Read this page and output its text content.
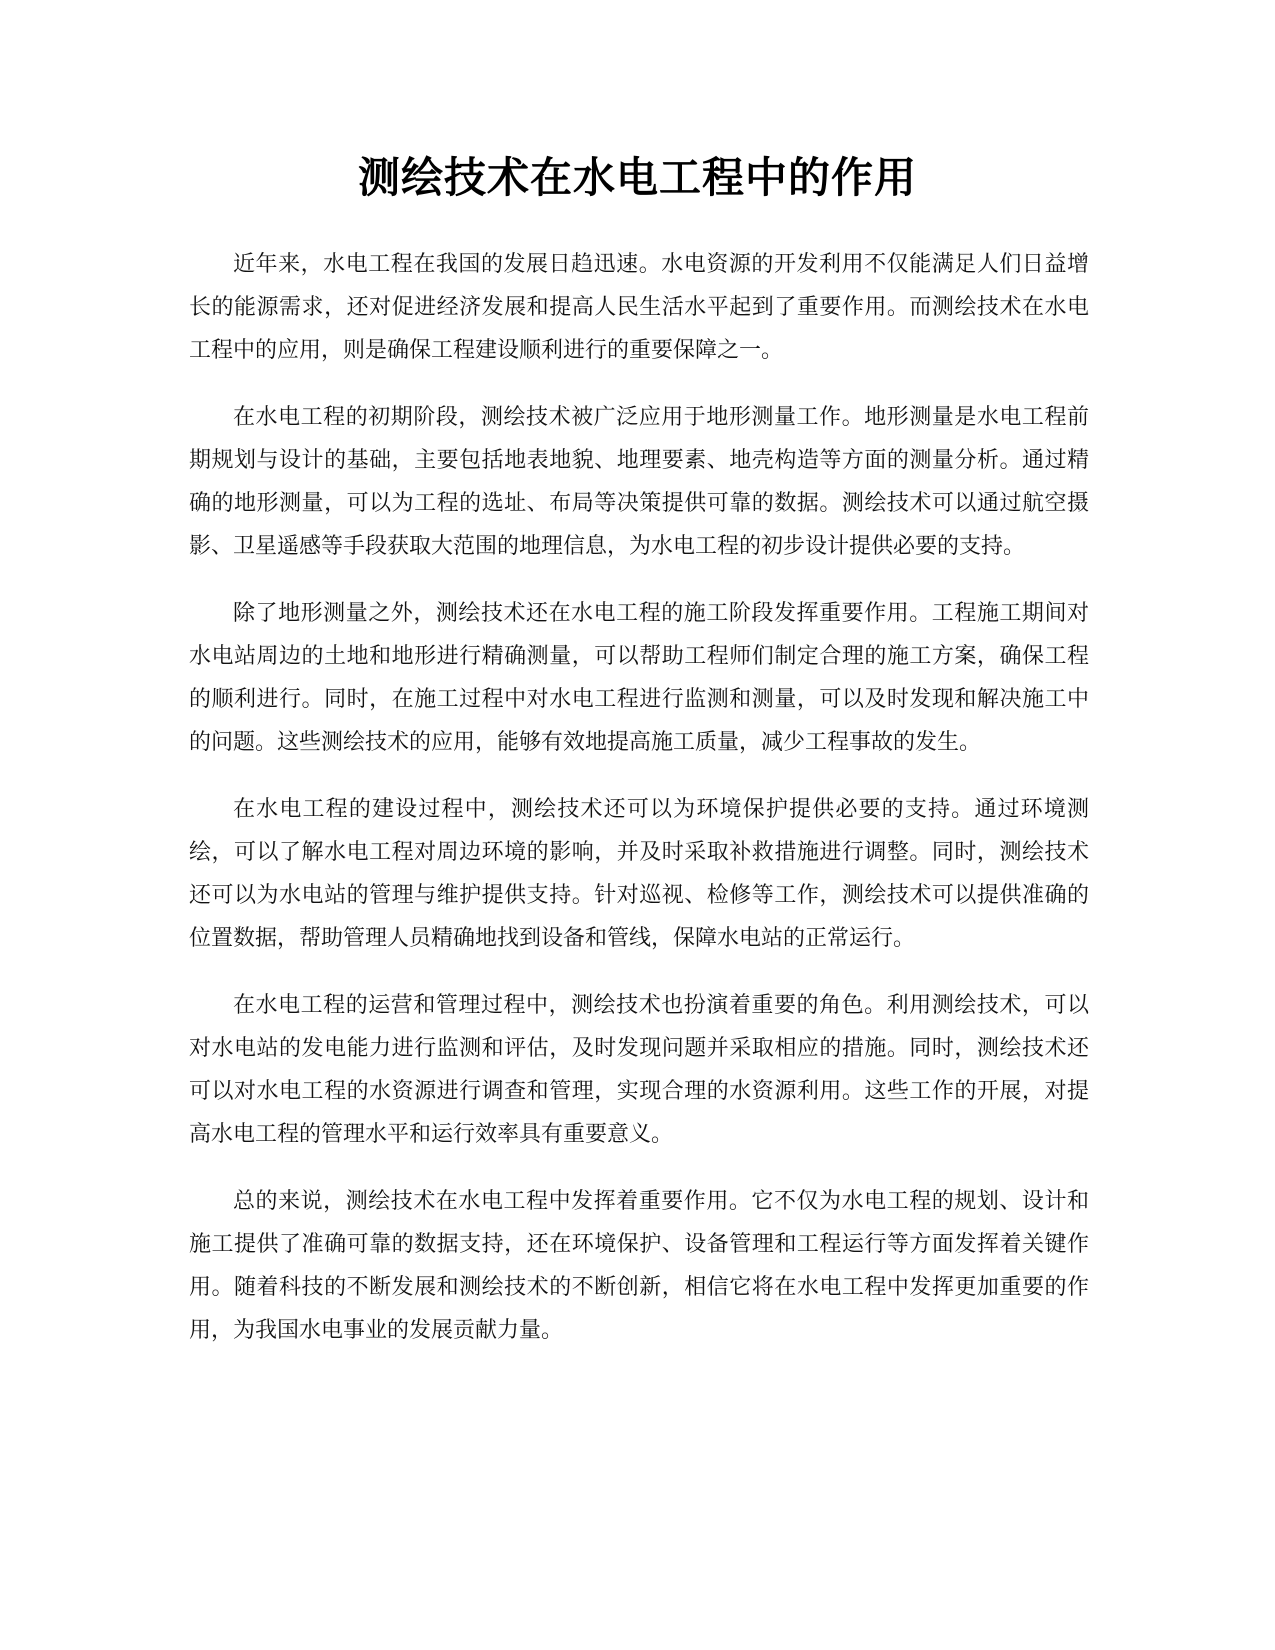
测绘技术在水电工程中的作用

近年来，水电工程在我国的发展日趋迅速。水电资源的开发利用不仅能满足人们日益增长的能源需求，还对促进经济发展和提高人民生活水平起到了重要作用。而测绘技术在水电工程中的应用，则是确保工程建设顺利进行的重要保障之一。

在水电工程的初期阶段，测绘技术被广泛应用于地形测量工作。地形测量是水电工程前期规划与设计的基础，主要包括地表地貌、地理要素、地壳构造等方面的测量分析。通过精确的地形测量，可以为工程的选址、布局等决策提供可靠的数据。测绘技术可以通过航空摄影、卫星遥感等手段获取大范围的地理信息，为水电工程的初步设计提供必要的支持。

除了地形测量之外，测绘技术还在水电工程的施工阶段发挥重要作用。工程施工期间对水电站周边的土地和地形进行精确测量，可以帮助工程师们制定合理的施工方案，确保工程的顺利进行。同时，在施工过程中对水电工程进行监测和测量，可以及时发现和解决施工中的问题。这些测绘技术的应用，能够有效地提高施工质量，减少工程事故的发生。

在水电工程的建设过程中，测绘技术还可以为环境保护提供必要的支持。通过环境测绘，可以了解水电工程对周边环境的影响，并及时采取补救措施进行调整。同时，测绘技术还可以为水电站的管理与维护提供支持。针对巡视、检修等工作，测绘技术可以提供准确的位置数据，帮助管理人员精确地找到设备和管线，保障水电站的正常运行。

在水电工程的运营和管理过程中，测绘技术也扮演着重要的角色。利用测绘技术，可以对水电站的发电能力进行监测和评估，及时发现问题并采取相应的措施。同时，测绘技术还可以对水电工程的水资源进行调查和管理，实现合理的水资源利用。这些工作的开展，对提高水电工程的管理水平和运行效率具有重要意义。

总的来说，测绘技术在水电工程中发挥着重要作用。它不仅为水电工程的规划、设计和施工提供了准确可靠的数据支持，还在环境保护、设备管理和工程运行等方面发挥着关键作用。随着科技的不断发展和测绘技术的不断创新，相信它将在水电工程中发挥更加重要的作用，为我国水电事业的发展贡献力量。
